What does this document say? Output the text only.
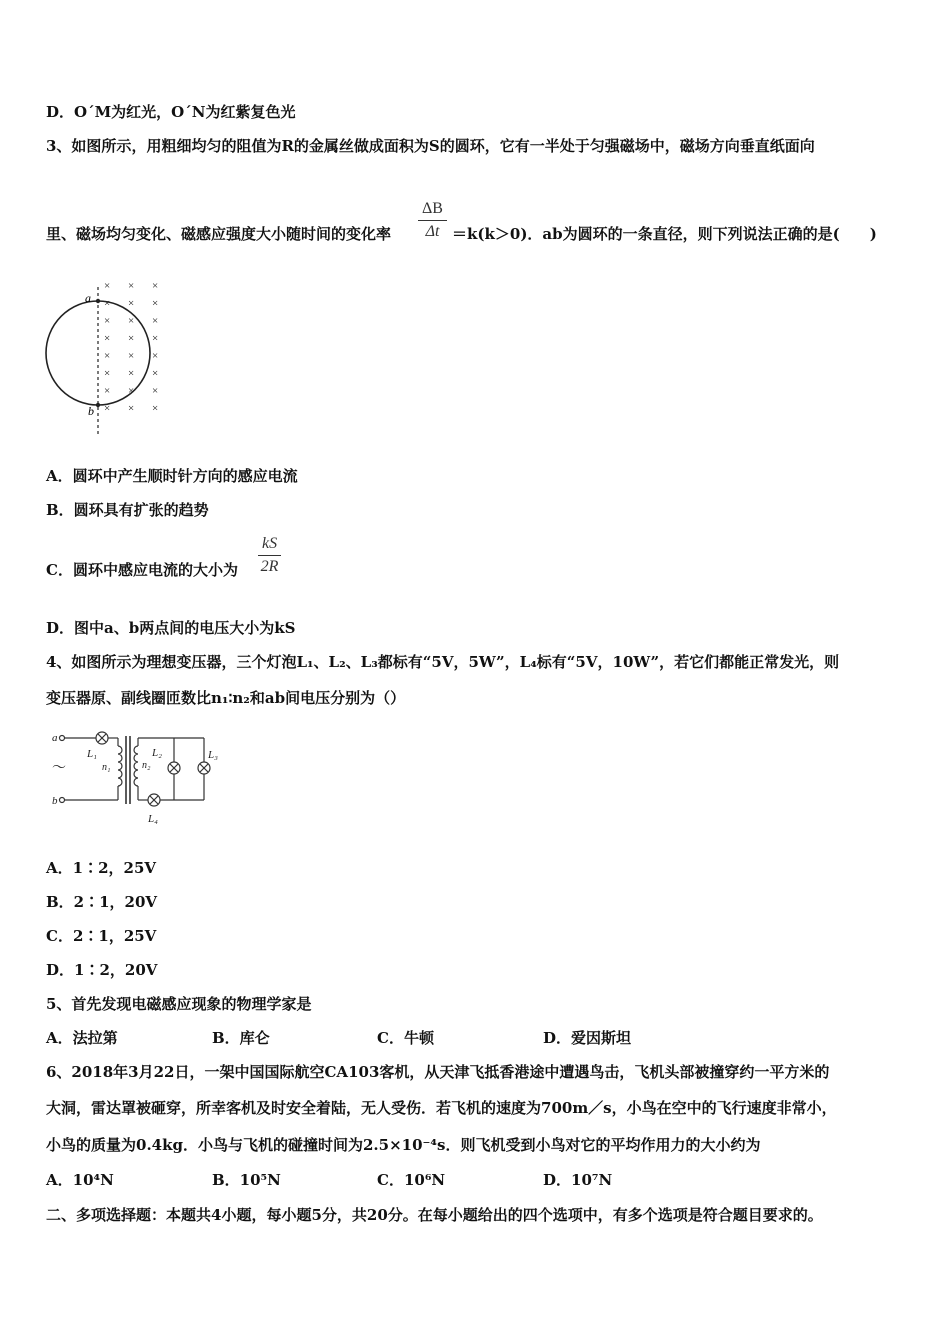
D．O´M为红光，O´N为红紫复色光
3、如图所示，用粗细均匀的阻值为R的金属丝做成面积为S的圆环，它有一半处于匀强磁场中，磁场方向垂直纸面向
里、磁场均匀变化、磁感应强度大小随时间的变化率 $\frac{\Delta B}{\Delta t} =k(k>0)$．ab为圆环的一条直径，则下列说法正确的是(　　)
a
b
× × ×
× × ×
× × ×
× × ×
× × ×
× × ×
× × ×
× × ×
A．圆环中产生顺时针方向的感应电流
B．圆环具有扩张的趋势
C．圆环中感应电流的大小为 $\frac{kS}{2R}$
D．图中a、b两点间的电压大小为kS
4、如图所示为理想变压器，三个灯泡L₁、L₂、L₃都标有“5V，5W”，L₄标有“5V，10W”，若它们都能正常发光，则
变压器原、副线圈匝数比n₁∶n₂和ab间电压分别为（）
a
b
～
L₁
n₁	n₂
L₂	L₃
L₄
A．1∶2，25V
B．2∶1，20V
C．2∶1，25V
D．1∶2，20V
5、首先发现电磁感应现象的物理学家是
A．法拉第	B．库仑	C．牛顿	D．爱因斯坦
6、2018年3月22日，一架中国国际航空CA103客机，从天津飞抵香港途中遭遇鸟击，飞机头部被撞穿约一平方米的
大洞，雷达罩被砸穿，所幸客机及时安全着陆，无人受伤．若飞机的速度为700m／s，小鸟在空中的飞行速度非常小，
小鸟的质量为0.4kg．小鸟与飞机的碰撞时间为2.5×10⁻⁴s．则飞机受到小鸟对它的平均作用力的大小约为
A．10⁴N	B．10⁵N	C．10⁶N	D．10⁷N
二、多项选择题：本题共4小题，每小题5分，共20分。在每小题给出的四个选项中，有多个选项是符合题目要求的。
